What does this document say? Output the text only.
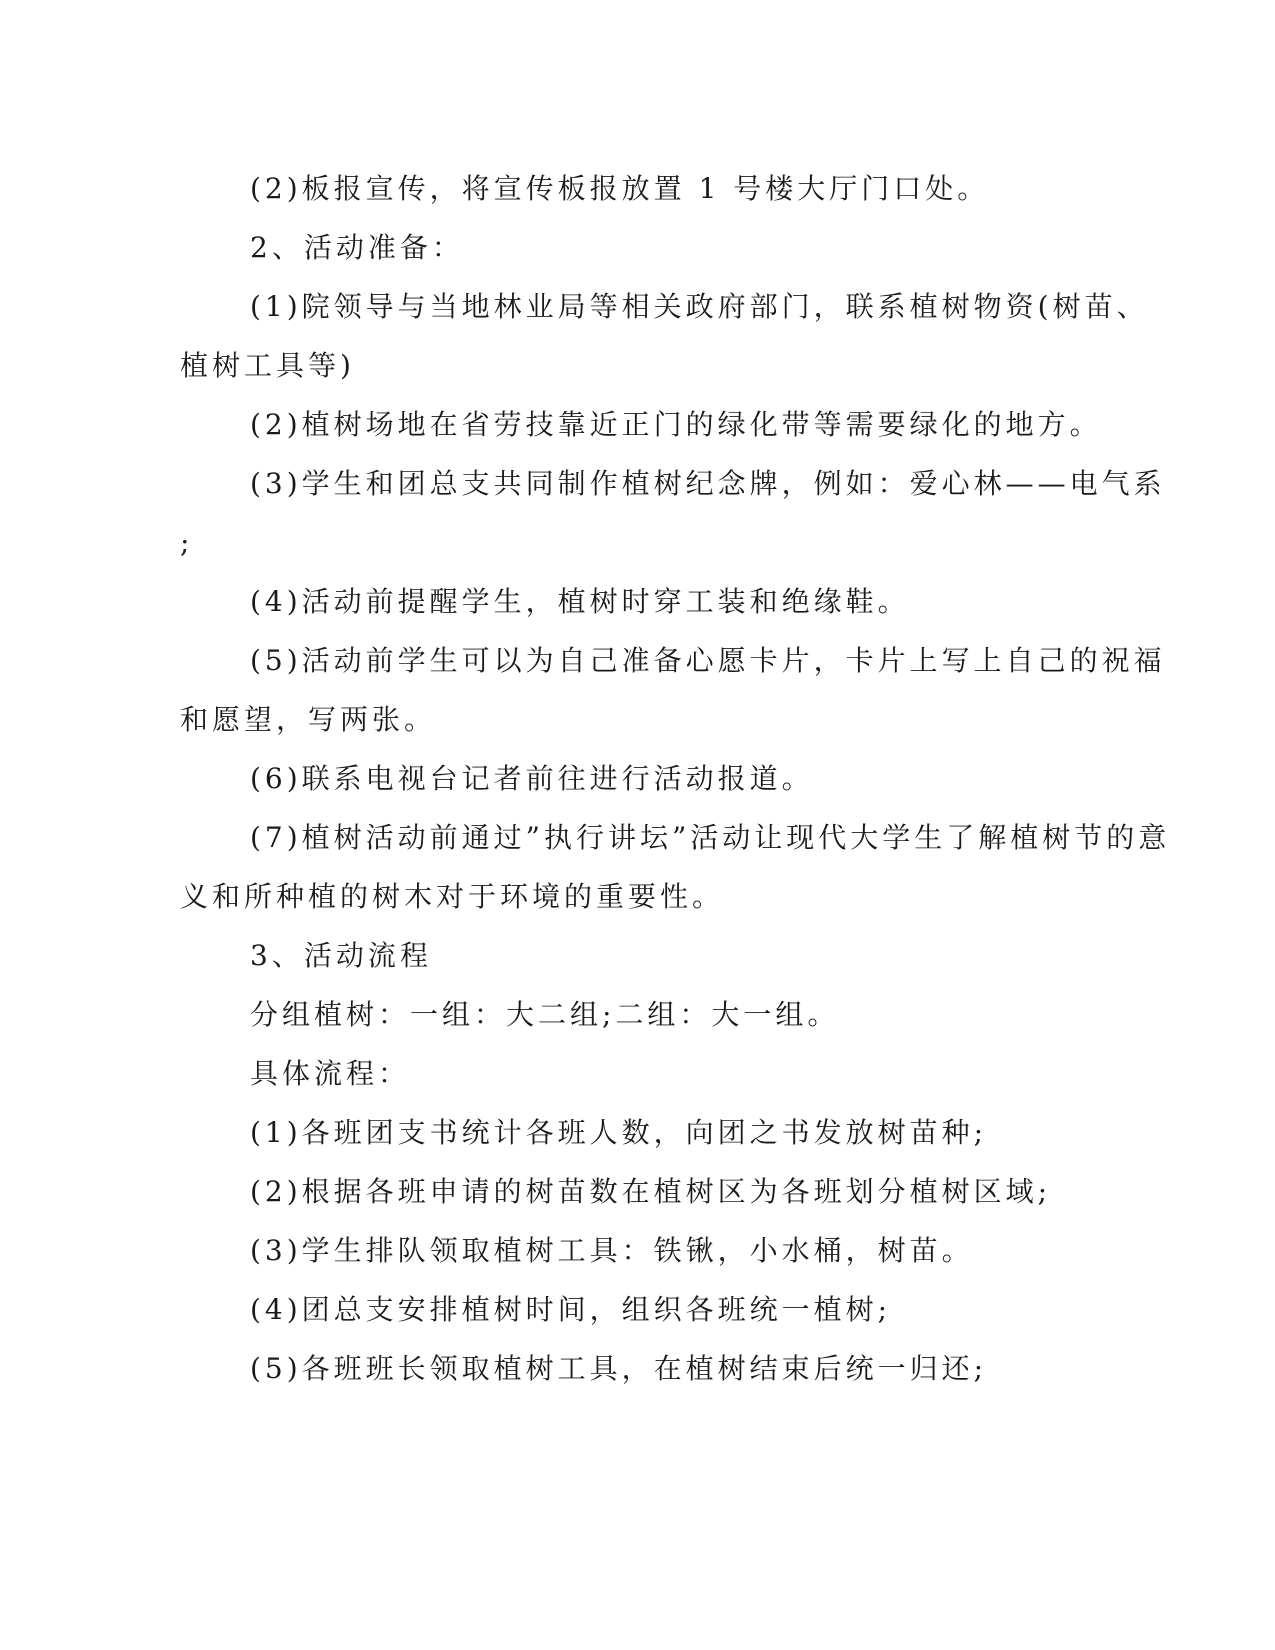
(2)板报宣传，将宣传板报放置 1 号楼大厅门口处。
2、活动准备：
(1)院领导与当地林业局等相关政府部门，联系植树物资(树苗、
植树工具等)
(2)植树场地在省劳技靠近正门的绿化带等需要绿化的地方。
(3)学生和团总支共同制作植树纪念牌，例如：爱心林——电气系
;
(4)活动前提醒学生，植树时穿工装和绝缘鞋。
(5)活动前学生可以为自己准备心愿卡片，卡片上写上自己的祝福
和愿望，写两张。
(6)联系电视台记者前往进行活动报道。
(7)植树活动前通过”执行讲坛”活动让现代大学生了解植树节的意
义和所种植的树木对于环境的重要性。
3、活动流程
分组植树：一组：大二组;二组：大一组。
具体流程：
(1)各班团支书统计各班人数，向团之书发放树苗种;
(2)根据各班申请的树苗数在植树区为各班划分植树区域;
(3)学生排队领取植树工具：铁锹，小水桶，树苗。
(4)团总支安排植树时间，组织各班统一植树;
(5)各班班长领取植树工具，在植树结束后统一归还;
